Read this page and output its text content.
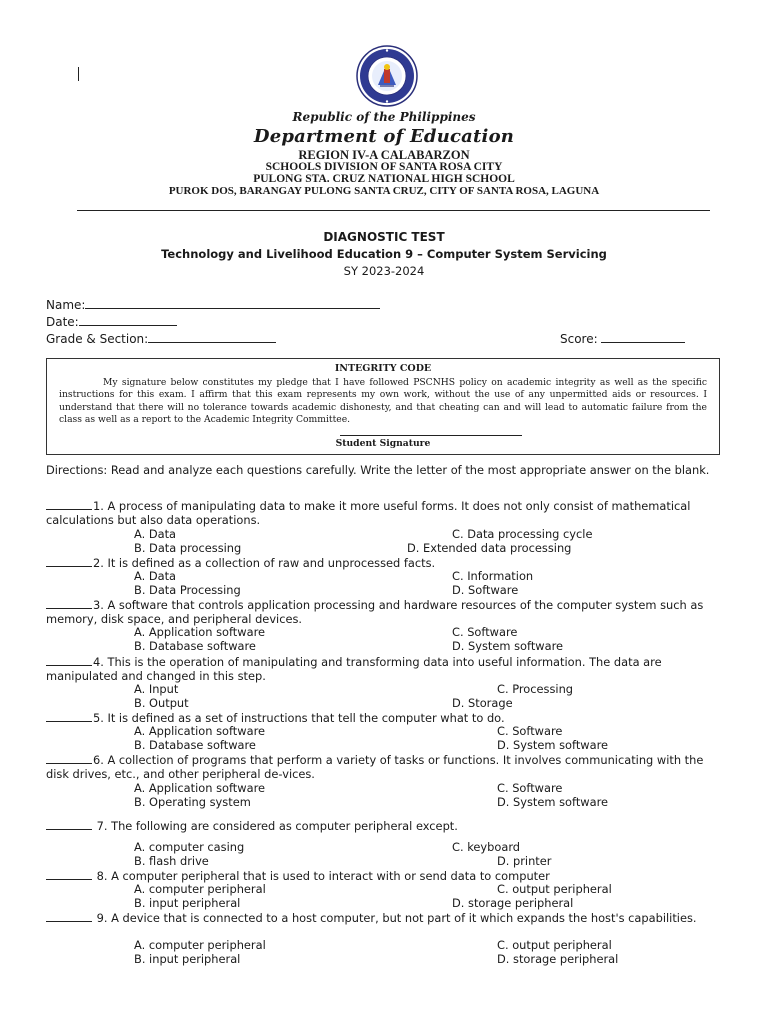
Republic of the Philippines
Department of Education
REGION IV-A CALABARZON
SCHOOLS DIVISION OF SANTA ROSA CITY
PULONG STA. CRUZ NATIONAL HIGH SCHOOL
PUROK DOS, BARANGAY PULONG SANTA CRUZ, CITY OF SANTA ROSA, LAGUNA
DIAGNOSTIC TEST
Technology and Livelihood Education 9 – Computer System Servicing
SY 2023-2024
Name:
Date:
Grade & Section:	Score:
INTEGRITY CODE
My signature below constitutes my pledge that I have followed PSCNHS policy on academic integrity as well as the specific instructions for this exam. I affirm that this exam represents my own work, without the use of any unpermitted aids or resources. I understand that there will no tolerance towards academic dishonesty, and that cheating can and will lead to automatic failure from the class as well as a report to the Academic Integrity Committee.
Student Signature
Directions: Read and analyze each questions carefully. Write the letter of the most appropriate answer on the blank.
1. A process of manipulating data to make it more useful forms. It does not only consist of mathematical calculations but also data operations.
A. Data
B. Data processing
C. Data processing cycle
D. Extended data processing
2. It is defined as a collection of raw and unprocessed facts.
A. Data
B. Data Processing
C. Information
D. Software
3. A software that controls application processing and hardware resources of the computer system such as memory, disk space, and peripheral devices.
A. Application software
B. Database software
C. Software
D. System software
4. This is the operation of manipulating and transforming data into useful information. The data are manipulated and changed in this step.
A. Input
B. Output
C. Processing
D. Storage
5. It is defined as a set of instructions that tell the computer what to do.
A. Application software
B. Database software
C. Software
D. System software
6. A collection of programs that perform a variety of tasks or functions. It involves communicating with the disk drives, etc., and other peripheral de-vices.
A. Application software
B. Operating system
C. Software
D. System software
7. The following are considered as computer peripheral except.
A. computer casing
B. flash drive
C. keyboard
D. printer
8. A computer peripheral that is used to interact with or send data to computer
A. computer peripheral
B. input peripheral
C. output peripheral
D. storage peripheral
9. A device that is connected to a host computer, but not part of it which expands the host's capabilities.
A. computer peripheral
B. input peripheral
C. output peripheral
D. storage peripheral
